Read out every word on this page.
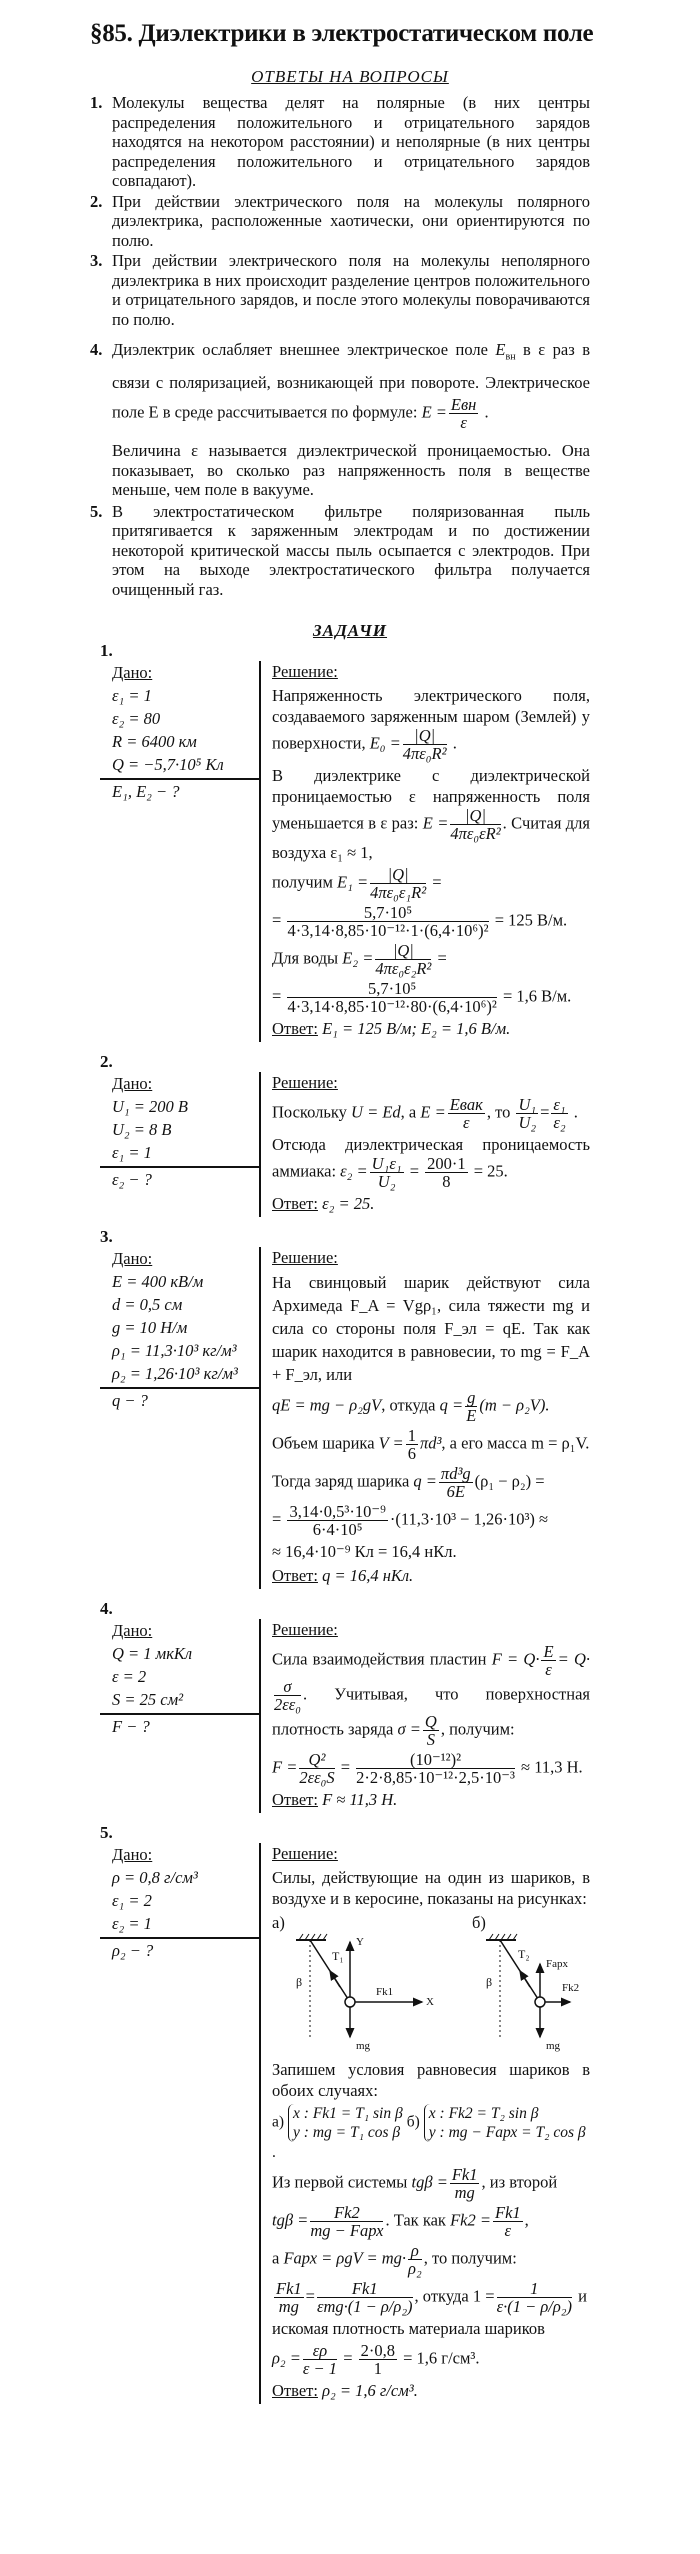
§85. Диэлектрики в электростатическом поле
ОТВЕТЫ НА ВОПРОСЫ
1. Молекулы вещества делят на полярные (в них центры распределения положительного и отрицательного зарядов находятся на некотором расстоянии) и неполярные (в них центры распределения положительного и отрицательного зарядов совпадают).
2. При действии электрического поля на молекулы полярного диэлектрика, расположенные хаотически, они ориентируются по полю.
3. При действии электрического поля на молекулы неполярного диэлектрика в них происходит разделение центров положительного и отрицательного зарядов, и после этого молекулы поворачиваются по полю.
4. Диэлектрик ослабляет внешнее электрическое поле $E_{вн}$ в ε раз в связи с поляризацией, возникающей при повороте. Электрическое поле E в среде рассчитывается по формуле: E = Eвн
ε
.
Величина ε называется диэлектрической проницаемостью. Она показывает, во сколько раз напряженность поля в веществе меньше, чем поле в вакууме.
5. В электростатическом фильтре поляризованная пыль притягивается к заряженным электродам и по достижении некоторой критической массы пыль осыпается с электродов. При этом на выходе электростатического фильтра получается очищенный газ.
ЗАДАЧИ
1.
Дано:
ε₁ = 1
ε₂ = 80
R = 6400 км
Q = −5,7·10⁵ Кл
E₁, E₂ − ?
Решение:
Напряженность электрического поля, создаваемого заряженным шаром (Землей) у поверхности, $E_0 = \frac{|Q|}{\text{4πε₀R²}}$ .
В диэлектрике с диэлектрической проницаемостью ε напряженность поля уменьшается в ε раз: $E = \frac{|Q|}{\text{4πε₀εR²}}$ . Считая для воздуха ε₁ ≈ 1,
получим $E_1 = \frac{|Q|}{\text{4πε₀ε₁R²}}$ =
= $\frac{\text{5,7·10⁵}}{\text{4·3,14·8,85·10⁻¹²·1·(6,4·10⁶)²}} = 125$ В/м.
Для воды $E_2 = \frac{|Q|}{\text{4πε₀ε₂R²}}$ =
= $\frac{\text{5,7·10⁵}}{\text{4·3,14·8,85·10⁻¹²·80·(6,4·10⁶)²}} = 1,6$ В/м.
Ответ: E₁ = 125 В/м; E₂ = 1,6 В/м.
2.
Дано:
U₁ = 200 В
U₂ = 8 В
ε₁ = 1
ε₂ − ?
Решение:
Поскольку U = Ed, а E = Eвак
ε
, то $\frac{\text{U₁}}{\text{U₂}} = \frac{\text{ε₁}}{\text{ε₂}}$ .
Отсюда диэлектрическая проницаемость аммиака: $\varepsilon_2 = \frac{\text{U₁ε₁}}{\text{U₂}} = \frac{200\cdot 1}{8} = 25$.
Ответ: ε₂ = 25.
3.
Дано:
E = 400 кВ/м
d = 0,5 см
g = 10 Н/м
ρ₁ = 11,3·10³ кг/м³
ρ₂ = 1,26·10³ кг/м³
q − ?
Решение:
На свинцовый шарик действуют сила Архимеда F_A = Vgρ₁, сила тяжести mg и сила со стороны поля F_эл = qE. Так как шарик находится в равновесии, то mg = F_A + F_эл, или
qE = mg − ρ₂gV, откуда $q = \frac{g}{E} (m - \rho_2V)$.
Объем шарика $V = \frac{1}{6} \pi d^3$, а его масса m = ρ₁V.
Тогда заряд шарика $q = \frac{\text{πd³g}}{6E} (\rho_1 - \rho_2)$ =
= $\frac{\text{3,14·0,5³·10⁻⁹}}{\text{6·4·10⁵}} \cdot(11,3\cdot 10^3 - 1,26\cdot 10^3)$ ≈
≈ 16,4·10⁻⁹ Кл = 16,4 нКл.
Ответ: q = 16,4 нКл.
4.
Дано:
Q = 1 мкКл
ε = 2
S = 25 см²
F − ?
Решение:
Сила взаимодействия пластин $F = Q\cdot \frac{E}{\varepsilon} = Q\cdot$
$\frac{\sigma}{\text{2εε₀}}$ . Учитывая, что поверхностная плотность заряда $\sigma = \frac{Q}{S}$ , получим:
$F = \frac{\text{Q²}}{\text{2εε₀S}} = \frac{\text{(10⁻¹²)²}}{\text{2·2·8,85·10⁻¹²·2,5·10⁻³}} \approx 11,3$ Н.
Ответ: F ≈ 11,3 Н.
5.
Дано:
ρ = 0,8 г/см³
ε₁ = 2
ε₂ = 1
ρ₂ − ?
Решение:
Силы, действующие на один из шариков, в воздухе и в керосине, показаны на рисунках:
а)	б)
T₁
β
Y
X
Fk1
mg
T₂
β
Fарх
Fk2
mg
Запишем условия равновесия шариков в обоих случаях:
а)
x : Fk1 = T₁ sin β
y : mg = T₁ cos β
б)
x : Fk2 = T₂ sin β
y : mg − Fарх = T₂ cos β
.
Из первой системы $tg\beta = \frac{Fk1}{mg}$ , из второй
tgβ =	Fk2
mg − Fарх
. Так как $Fk2 = \frac{Fk1}{\varepsilon}$ ,
а Fарх = $\rho gV = mg\cdot \frac{\rho}{\text{ρ₂}}$ , то получим:
$\frac{Fk1}{mg}$ =	Fk1
εmg·(1 − ρ/ρ₂)
, откуда $1 = \frac{1}{\text{ε·(1 − ρ/ρ₂)}}$ и
искомая плотность материала шариков
$\rho_2 = \frac{\varepsilon\rho}{\varepsilon - 1} = \frac{2\cdot 0,8}{1} = 1,6$ г/см³.
Ответ: ρ₂ = 1,6 г/см³.
